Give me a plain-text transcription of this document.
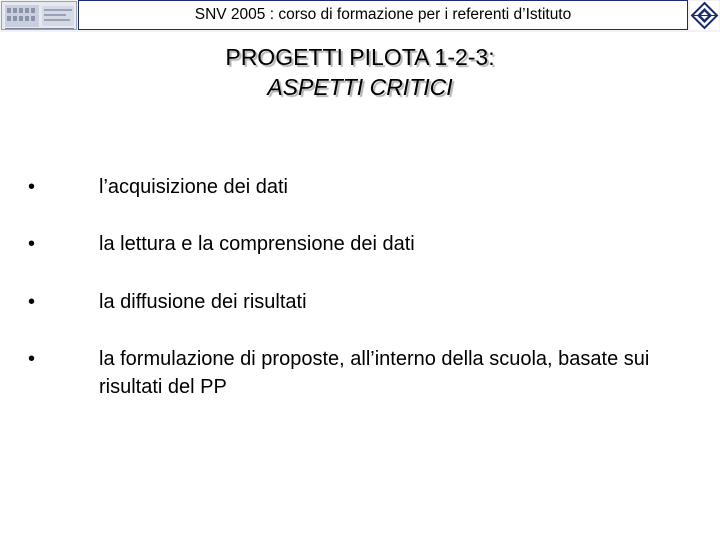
SNV 2005 : corso di formazione per i referenti d’Istituto
PROGETTI PILOTA 1-2-3:
ASPETTI CRITICI
•	l’acquisizione dei dati
•	la lettura e la comprensione dei dati
•	la diffusione dei risultati
•	la formulazione di proposte, all’interno della scuola, basate sui risultati del PP
